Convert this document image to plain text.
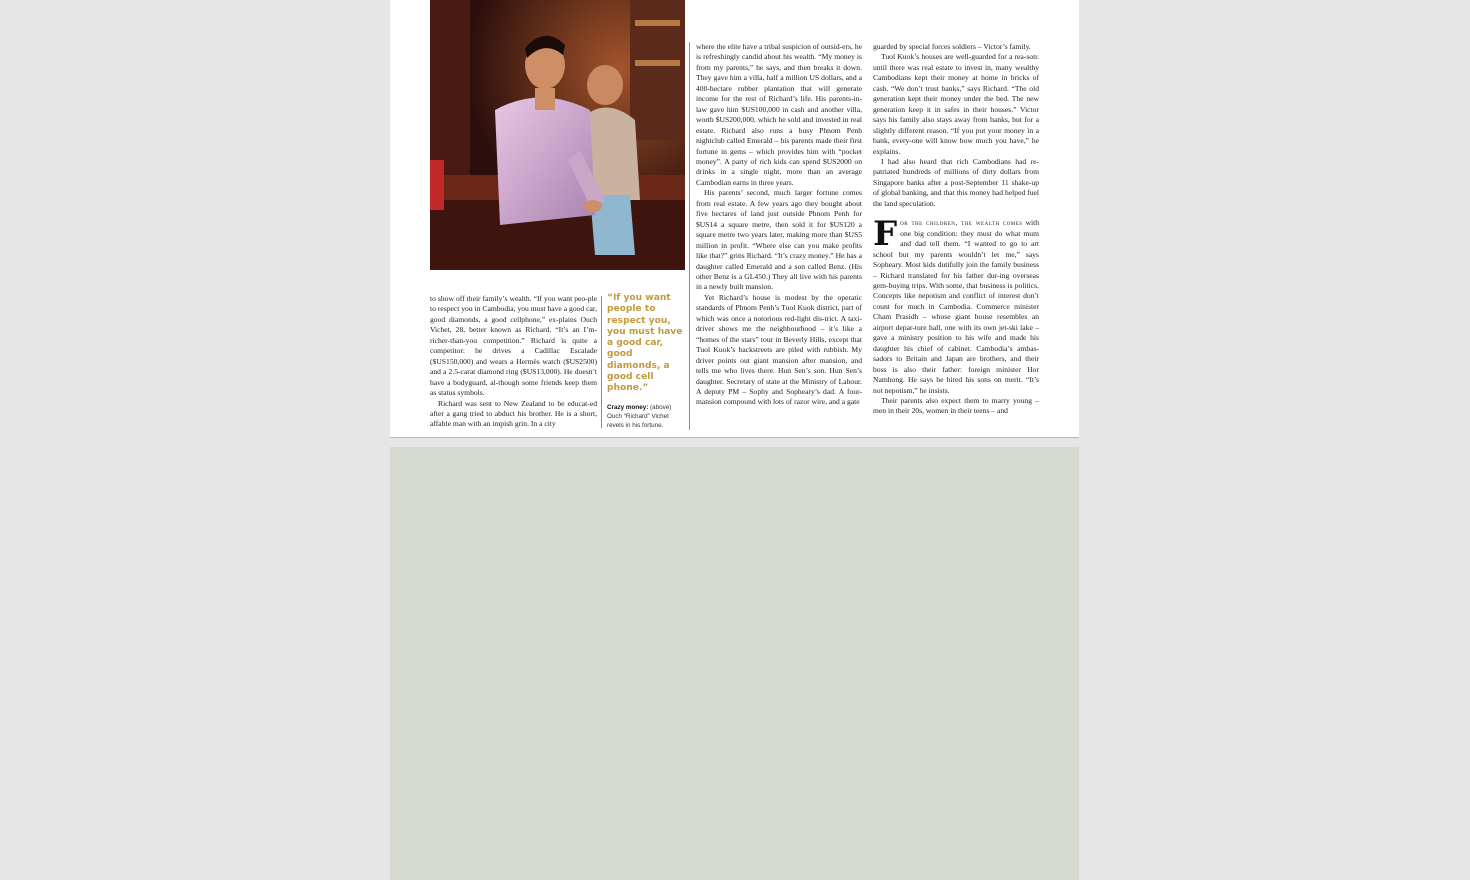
to show off their family’s wealth. “If you want peo-ple to respect you in Cambodia, you must have a good car, good diamonds, a good cellphone,” ex-plains Ouch Vichet, 28, better known as Richard. “It’s an I’m-richer-than-you competition.” Richard is quite a competitor: he drives a Cadillac Escalade ($US150,000) and wears a Hermès watch ($US2500) and a 2.5-carat diamond ring ($US13,000). He doesn’t have a bodyguard, al-though some friends keep them as status symbols.

Richard was sent to New Zealand to be educat-ed after a gang tried to abduct his brother. He is a short, affable man with an impish grin. In a city

“If you want people to respect you, you must have a good car, good diamonds, a good cell phone.”
Crazy money: (above) Ouch “Richard” Vichet revels in his fortune.

where the elite have a tribal suspicion of outsid-ers, he is refreshingly candid about his wealth. “My money is from my parents,” he says, and then breaks it down. They gave him a villa, half a million US dollars, and a 400-hectare rubber plantation that will generate income for the rest of Richard’s life. His parents-in-law gave him $US100,000 in cash and another villa, worth $US200,000, which he sold and invested in real estate. Richard also runs a busy Phnom Penh nightclub called Emerald – his parents made their first fortune in gems – which provides him with “pocket money”. A party of rich kids can spend $US2000 on drinks in a single night, more than an average Cambodian earns in three years.

His parents’ second, much larger fortune comes from real estate. A few years ago they bought about five hectares of land just outside Phnom Penh for $US14 a square metre, then sold it for $US120 a square metre two years later, making more than $US5 million in profit. “Where else can you make profits like that?” grins Richard. “It’s crazy money.” He has a daughter called Emerald and a son called Benz. (His other Benz is a GL450.) They all live with his parents in a newly built mansion.

Yet Richard’s house is modest by the operatic standards of Phnom Penh’s Tuol Kuok district, part of which was once a notorious red-light dis-trict. A taxi-driver shows me the neighbourhood – it’s like a “homes of the stars” tour in Beverly Hills, except that Tuol Kuok’s backstreets are piled with rubbish. My driver points out giant mansion after mansion, and tells me who lives there. Hun Sen’s son. Hun Sen’s daughter. Secretary of state at the Ministry of Labour. A deputy PM – Sophy and Sopheary’s dad. A four-mansion compound with lots of razor wire, and a gate

guarded by special forces soldiers – Victor’s family.

Tuol Kuok’s houses are well-guarded for a rea-son: until there was real estate to invest in, many wealthy Cambodians kept their money at home in bricks of cash. “We don’t trust banks,” says Richard. “The old generation kept their money under the bed. The new generation keep it in safes in their houses.” Victor says his family also stays away from banks, but for a slightly different reason. “If you put your money in a bank, every-one will know how much you have,” he explains.

I had also heard that rich Cambodians had re-patriated hundreds of millions of dirty dollars from Singapore banks after a post-September 11 shake-up of global banking, and that this money had helped fuel the land speculation.

For the children, the wealth comes with one big condition: they must do what mum and dad tell them. “I wanted to go to art school but my parents wouldn’t let me,” says Sopheary. Most kids dutifully join the family business – Richard translated for his father dur-ing overseas gem-buying trips. With some, that business is politics. Concepts like nepotism and conflict of interest don’t count for much in Cambodia. Commerce minister Cham Prasidh – whose giant house resembles an airport depar-ture hall, one with its own jet-ski lake – gave a ministry position to his wife and made his daughter his chief of cabinet. Cambodia’s ambas-sadors to Britain and Japan are brothers, and their boss is also their father: foreign minister Hor Namhong. He says he hired his sons on merit. “It’s not nepotism,” he insists.

Their parents also expect them to marry young – men in their 20s, women in their teens – and
